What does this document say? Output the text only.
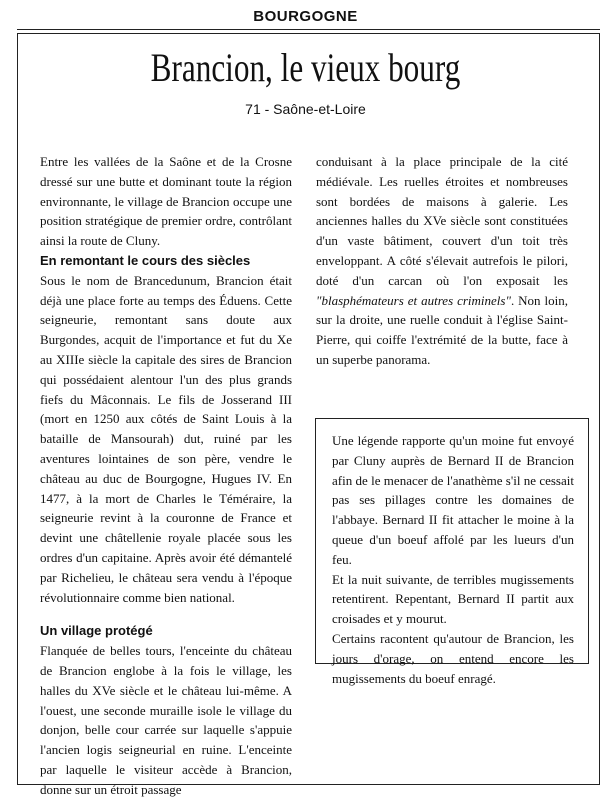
BOURGOGNE
Brancion, le vieux bourg
71 - Saône-et-Loire

Entre les vallées de la Saône et de la Crosne dressé sur une butte et dominant toute la région environnante, le village de Brancion occupe une position stratégique de premier ordre, contrôlant ainsi la route de Cluny.

En remontant le cours des siècles

Sous le nom de Brancedunum, Brancion était déjà une place forte au temps des Éduens. Cette seigneurie, remontant sans doute aux Burgondes, acquit de l'importance et fut du Xe au XIIIe siècle la capitale des sires de Brancion qui possédaient alentour l'un des plus grands fiefs du Mâconnais. Le fils de Josserand III (mort en 1250 aux côtés de Saint Louis à la bataille de Mansourah) dut, ruiné par les aventures lointaines de son père, vendre le château au duc de Bourgogne, Hugues IV. En 1477, à la mort de Charles le Téméraire, la seigneurie revint à la couronne de France et devint une châtellenie royale placée sous les ordres d'un capitaine. Après avoir été démantelé par Richelieu, le château sera vendu à l'époque révolutionnaire comme bien national.

Un village protégé

Flanquée de belles tours, l'enceinte du château de Brancion englobe à la fois le village, les halles du XVe siècle et le château lui-même. A l'ouest, une seconde muraille isole le village du donjon, belle cour carrée sur laquelle s'appuie l'ancien logis seigneurial en ruine. L'enceinte par laquelle le visiteur accède à Brancion, donne sur un étroit passage

conduisant à la place principale de la cité médiévale. Les ruelles étroites et nombreuses sont bordées de maisons à galerie. Les anciennes halles du XVe siècle sont constituées d'un vaste bâtiment, couvert d'un toit très enveloppant. A côté s'élevait autrefois le pilori, doté d'un carcan où l'on exposait les "blasphémateurs et autres criminels". Non loin, sur la droite, une ruelle conduit à l'église Saint-Pierre, qui coiffe l'extrémité de la butte, face à un superbe panorama.

Une légende rapporte qu'un moine fut envoyé par Cluny auprès de Bernard II de Brancion afin de le menacer de l'anathème s'il ne cessait pas ses pillages contre les domaines de l'abbaye. Bernard II fit attacher le moine à la queue d'un boeuf affolé par les lueurs d'un feu.

Et la nuit suivante, de terribles mugissements retentirent. Repentant, Bernard II partit aux croisades et y mourut.

Certains racontent qu'autour de Brancion, les jours d'orage, on entend encore les mugissements du boeuf enragé.
